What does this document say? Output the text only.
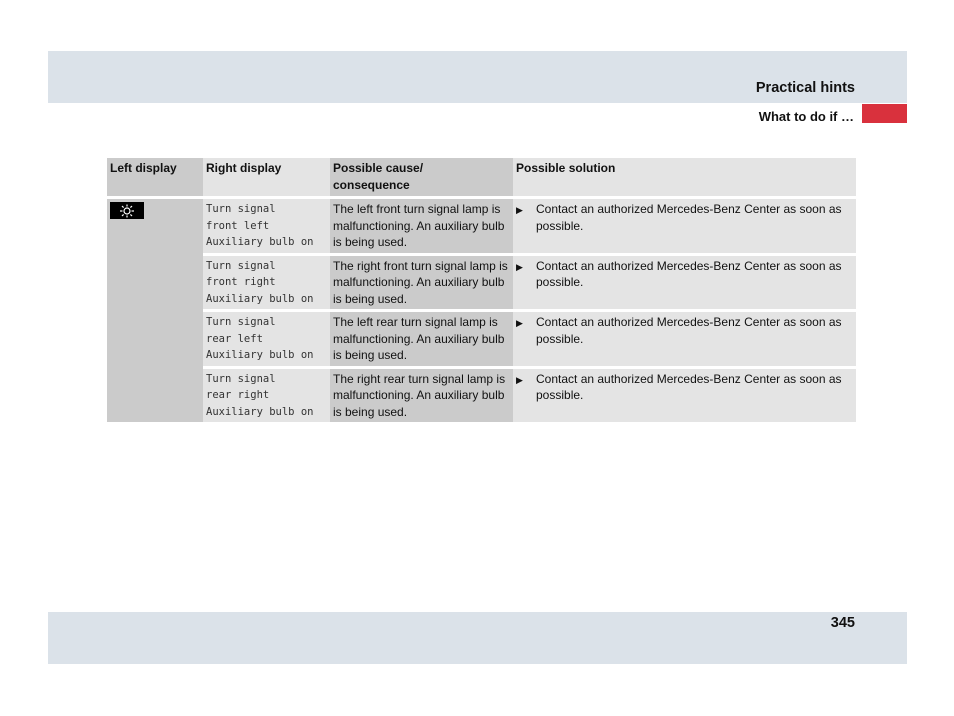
Practical hints
What to do if …
Left display	Right display	Possible cause/
consequence	Possible solution
	Turn signal
front left
Auxiliary bulb on	The left front turn signal lamp is malfunctioning. An auxiliary bulb is being used.	▶ Contact an authorized Mercedes-Benz Center as soon as possible.

	Turn signal
front right
Auxiliary bulb on	The right front turn signal lamp is malfunctioning. An auxiliary bulb is being used.	▶ Contact an authorized Mercedes-Benz Center as soon as possible.

	Turn signal
rear left
Auxiliary bulb on	The left rear turn signal lamp is malfunctioning. An auxiliary bulb is being used.	▶ Contact an authorized Mercedes-Benz Center as soon as possible.

	Turn signal
rear right
Auxiliary bulb on	The right rear turn signal lamp is malfunctioning. An auxiliary bulb is being used.	▶ Contact an authorized Mercedes-Benz Center as soon as possible.
345
